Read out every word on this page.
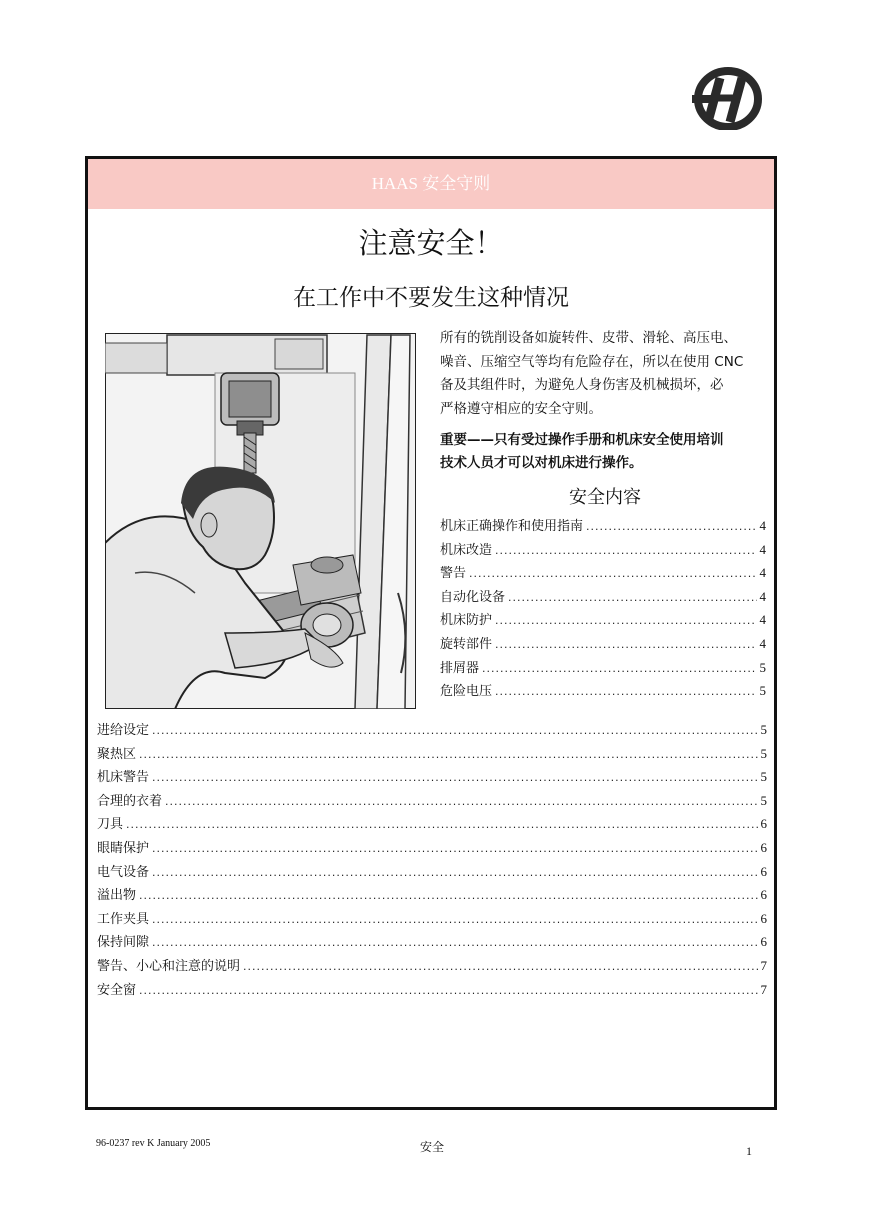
HAAS 安全守则
注意安全！
在工作中不要发生这种情况

所有的铣削设备如旋转件、皮带、滑轮、高压电、

噪音、压缩空气等均有危险存在，所以在使用 CNC

备及其组件时，为避免人身伤害及机械损坏，必

严格遵守相应的安全守则。

重要——只有受过操作手册和机床安全使用培训
技术人员才可以对机床进行操作。

安全内容
机床正确操作和使用指南 .....	4
机床改造 .....	4
警告 .....	4
自动化设备 .....	4
机床防护 .....	4
旋转部件 .....	4
排屑器 .....	5
危险电压 .....	5
进给设定 .....	5
聚热区 .....	5
机床警告 .....	5
合理的衣着 .....	5
刀具 .....	6
眼睛保护 .....	6
电气设备 .....	6
溢出物 .....	6
工作夹具 .....	6
保持间隙 .....	6
警告、小心和注意的说明 .....	7
安全窗 .....	7
96-0237 rev K January 2005	安全	1
